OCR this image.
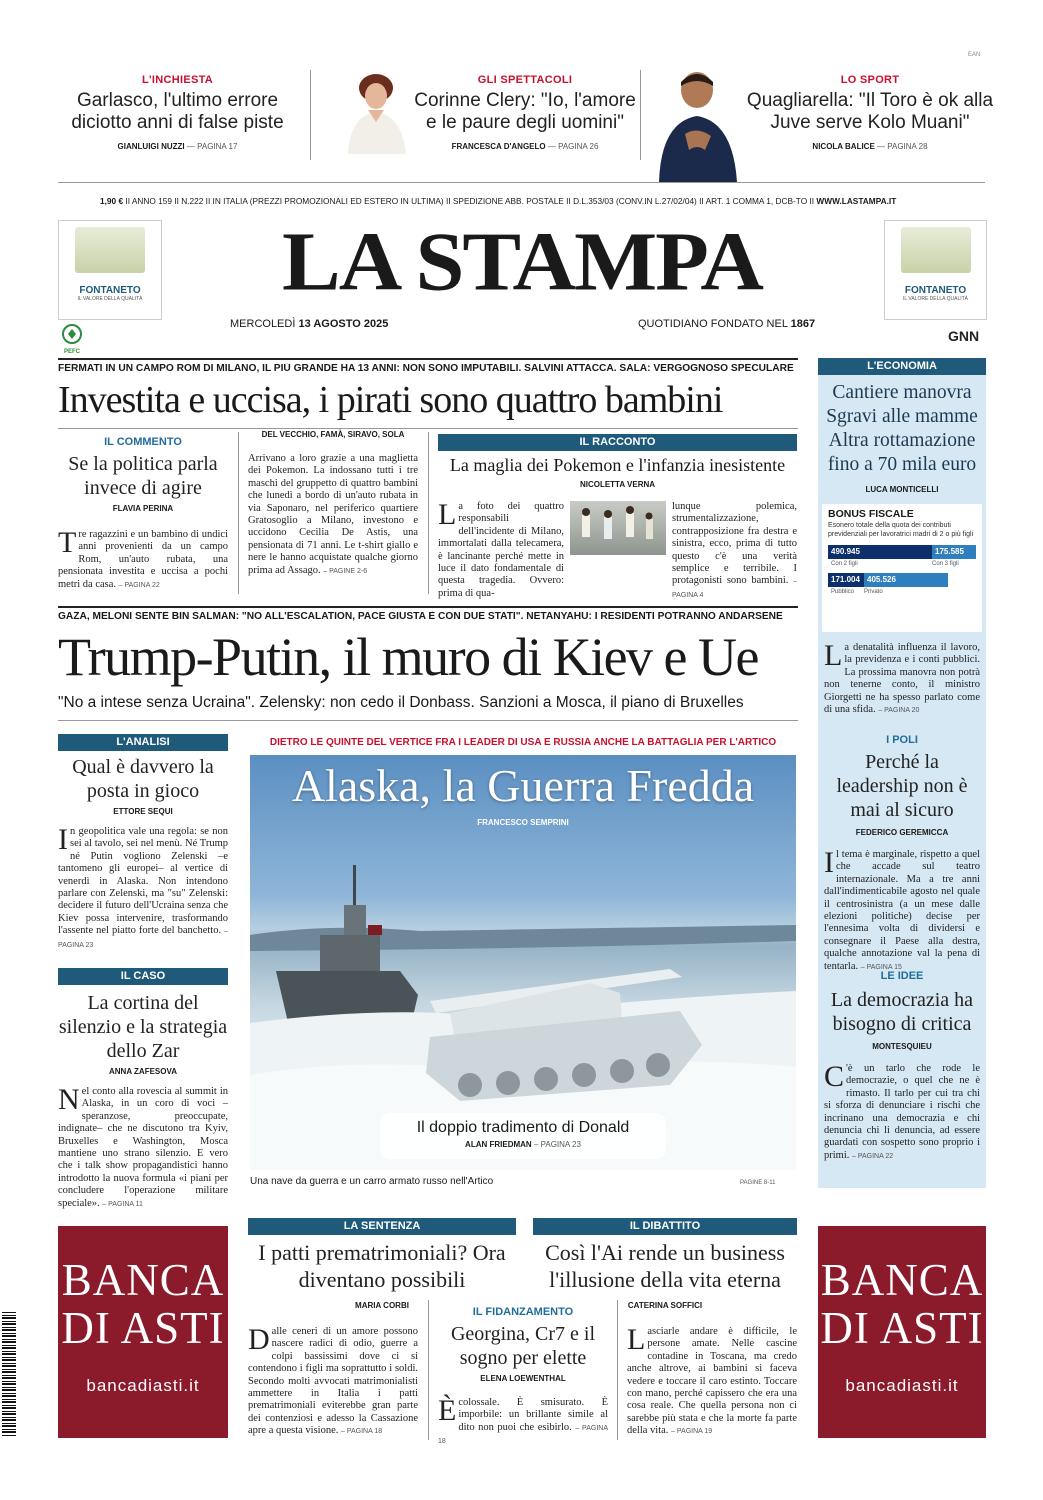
EAN
L'INCHIESTA
Garlasco, l'ultimo errore diciotto anni di false piste
GIANLUIGI NUZZI — PAGINA 17
GLI SPETTACOLI
Corinne Clery: "Io, l'amore e le paure degli uomini"
FRANCESCA D'ANGELO — PAGINA 26
LO SPORT
Quagliarella: "Il Toro è ok alla Juve serve Kolo Muani"
NICOLA BALICE — PAGINA 28
1,90 € II ANNO 159 II N.222 II IN ITALIA (PREZZI PROMOZIONALI ED ESTERO IN ULTIMA) II SPEDIZIONE ABB. POSTALE II D.L.353/03 (CONV.IN L.27/02/04) II ART. 1 COMMA 1, DCB-TO II WWW.LASTAMPA.IT
FONTANETO
IL VALORE DELLA QUALITÀ
PEFC
LA STAMPA
MERCOLEDÌ 13 AGOSTO 2025	QUOTIDIANO FONDATO NEL 1867
FONTANETO
IL VALORE DELLA QUALITÀ
GNN
FERMATI IN UN CAMPO ROM DI MILANO, IL PIÙ GRANDE HA 13 ANNI: NON SONO IMPUTABILI. SALVINI ATTACCA. SALA: VERGOGNOSO SPECULARE
Investita e uccisa, i pirati sono quattro bambini
IL COMMENTO
Se la politica parla invece di agire
FLAVIA PERINA
Tre ragazzini e un bambino di undici anni provenienti da un campo Rom, un'auto rubata, una pensionata investita e uccisa a pochi metri da casa. – PAGINA 22
DEL VECCHIO, FAMÀ, SIRAVO, SOLA
Arrivano a loro grazie a una maglietta dei Pokemon. La indossano tutti i tre maschi del gruppetto di quattro bambini che lunedì a bordo di un'auto rubata in via Saponaro, nel periferico quartiere Gratosoglio a Milano, investono e uccidono Cecilia De Astis, una pensionata di 71 anni. Le t-shirt giallo e nere le hanno acquistate qualche giorno prima ad Assago. – PAGINE 2-6
IL RACCONTO
La maglia dei Pokemon e l'infanzia inesistente
NICOLETTA VERNA
La foto dei quattro responsabili dell'incidente di Milano, immortalati dalla telecamera, è lancinante perché mette in luce il dato fondamentale di questa tragedia. Ovvero: prima di qua-
lunque polemica, strumentalizzazione, contrapposizione fra destra e sinistra, ecco, prima di tutto questo c'è una verità semplice e terribile. I protagonisti sono bambini. – PAGINA 4
L'ECONOMIA
Cantiere manovra Sgravi alle mamme Altra rottamazione fino a 70 mila euro
LUCA MONTICELLI
BONUS FISCALE
Esonero totale della quota dei contributi previdenziali per lavoratrici madri di 2 o più figli
490.945	175.585
Con 2 figli	Con 3 figli
171.004 405.526
Pubblico	Privato
La denatalità influenza il lavoro, la previdenza e i conti pubblici. La prossima manovra non potrà non tenerne conto, il ministro Giorgetti ne ha spesso parlato come di una sfida. – PAGINA 20
I POLI
Perché la leadership non è mai al sicuro
FEDERICO GEREMICCA
Il tema è marginale, rispetto a quel che accade sul teatro internazionale. Ma a tre anni dall'indimenticabile agosto nel quale il centrosinistra (a un mese dalle elezioni politiche) decise per l'ennesima volta di dividersi e consegnare il Paese alla destra, qualche annotazione val la pena di tentarla. – PAGINA 15
LE IDEE
La democrazia ha bisogno di critica
MONTESQUIEU
C 'è un tarlo che rode le democrazie, o quel che ne è rimasto. Il tarlo per cui tra chi si sforza di denunciare i rischi che incrinano una democrazia e chi denuncia chi li denuncia, ad essere guardati con sospetto sono proprio i primi. – PAGINA 22
GAZA, MELONI SENTE BIN SALMAN: "NO ALL'ESCALATION, PACE GIUSTA È CON DUE STATI". NETANYAHU: I RESIDENTI POTRANNO ANDARSENE
Trump-Putin, il muro di Kiev e Ue
"No a intese senza Ucraina". Zelensky: non cedo il Donbass. Sanzioni a Mosca, il piano di Bruxelles
L'ANALISI
Qual è davvero la posta in gioco
ETTORE SEQUI
In geopolitica vale una regola: se non sei al tavolo, sei nel menù. Né Trump né Putin vogliono Zelenski –e tantomeno gli europei– al vertice di venerdì in Alaska. Non intendono parlare con Zelenski, ma "su" Zelenski: decidere il futuro dell'Ucraina senza che Kiev possa intervenire, trasformando l'assente nel piatto forte del banchetto. – PAGINA 23
IL CASO
La cortina del silenzio e la strategia dello Zar
ANNA ZAFESOVA
Nel conto alla rovescia al summit in Alaska, in un coro di voci –speranzose, preoccupate, indignate– che ne discutono tra Kyiv, Bruxelles e Washington, Mosca mantiene uno strano silenzio. E vero che i talk show propagandistici hanno introdotto la nuova formula «i piani per concludere l'operazione militare speciale». – PAGINA 11
DIETRO LE QUINTE DEL VERTICE FRA I LEADER DI USA E RUSSIA ANCHE LA BATTAGLIA PER L'ARTICO
Alaska, la Guerra Fredda
FRANCESCO SEMPRINI
Il doppio tradimento di Donald
ALAN FRIEDMAN – PAGINA 23
Una nave da guerra e un carro armato russo nell'Artico	PAGINE 8-11
BANCA
DI ASTI
bancadiasti.it
LA SENTENZA
I patti prematrimoniali? Ora diventano possibili
MARIA CORBI
Dalle ceneri di un amore possono nascere radici di odio, guerre a colpi bassissimi dove ci si contendono i figli ma soprattutto i soldi. Secondo molti avvocati matrimonialisti ammettere in Italia i patti prematrimoniali eviterebbe gran parte dei contenziosi e adesso la Cassazione apre a questa visione. – PAGINA 18
IL FIDANZAMENTO
Georgina, Cr7 e il sogno per elette
ELENA LOEWENTHAL
È colossale. È smisurato. È imporbile: un brillante simile al dito non puoi che esibirlo. – PAGINA 18
IL DIBATTITO
Così l'Ai rende un business l'illusione della vita eterna
CATERINA SOFFICI
Lasciarle andare è difficile, le persone amate. Nelle cascine contadine in Toscana, ma credo anche altrove, ai bambini si faceva vedere e toccare il caro estinto. Toccare con mano, perché capissero che era una cosa reale. Che quella persona non ci sarebbe più stata e che la morte fa parte della vita. – PAGINA 19
BANCA
DI ASTI
bancadiasti.it
